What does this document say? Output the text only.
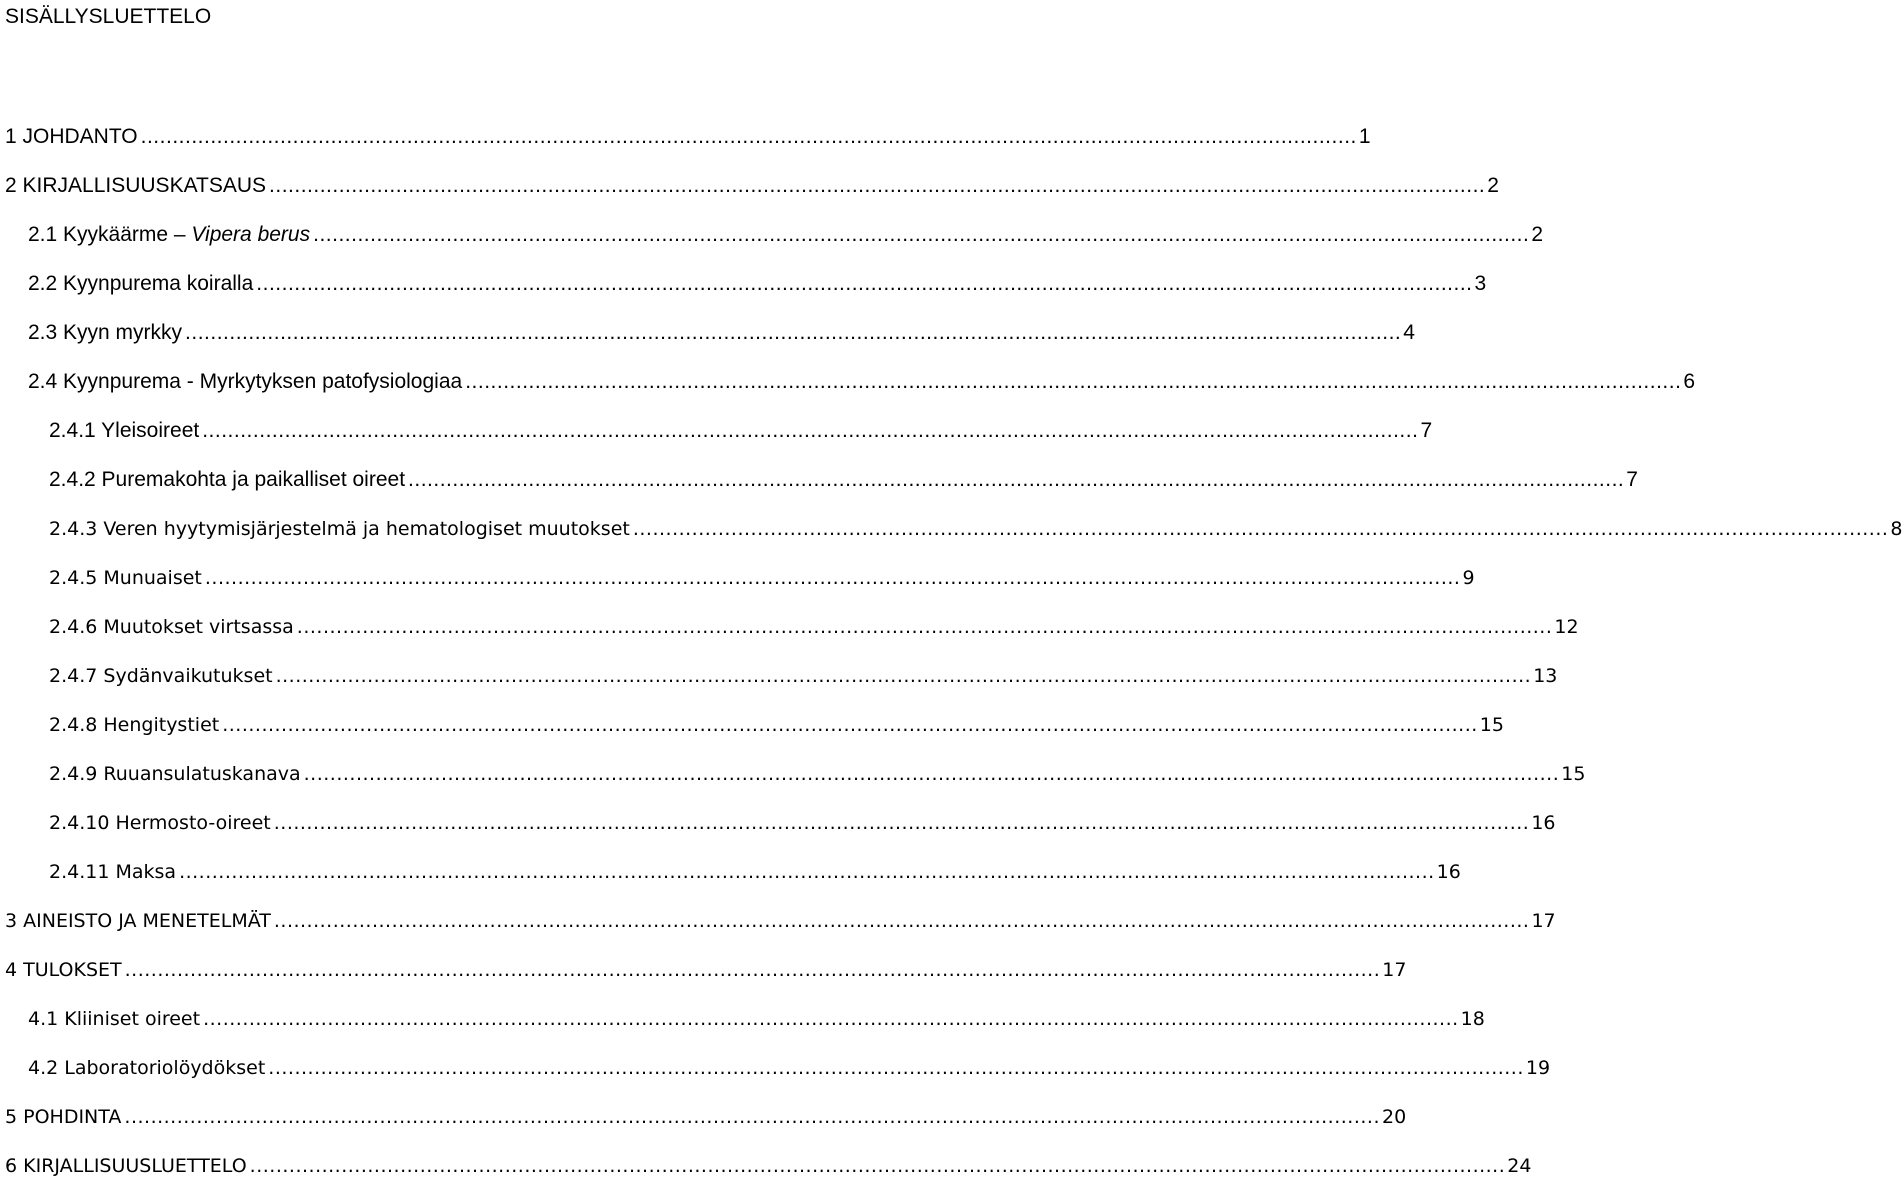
SISÄLLYSLUETTELO
1 JOHDANTO ................................................................................................................................................................................................ 1
2 KIRJALLISUUSKATSAUS ................................................................................................................................................................................................ 2
2.1 Kyykäärme – Vipera berus ................................................................................................................................................................................................ 2
2.2 Kyynpurema koiralla ................................................................................................................................................................................................ 3
2.3 Kyyn myrkky ................................................................................................................................................................................................ 4
2.4 Kyynpurema - Myrkytyksen patofysiologiaa ................................................................................................................................................................................................ 6
2.4.1 Yleisoireet ................................................................................................................................................................................................ 7
2.4.2 Puremakohta ja paikalliset oireet ................................................................................................................................................................................................ 7
2.4.3 Veren hyytymisjärjestelmä ja hematologiset muutokset ................................................................................................................................................................................................ 8
2.4.5 Munuaiset ................................................................................................................................................................................................ 9
2.4.6 Muutokset virtsassa ................................................................................................................................................................................................ 12
2.4.7 Sydänvaikutukset ................................................................................................................................................................................................ 13
2.4.8 Hengitystiet ................................................................................................................................................................................................ 15
2.4.9 Ruuansulatuskanava ................................................................................................................................................................................................ 15
2.4.10 Hermosto-oireet ................................................................................................................................................................................................ 16
2.4.11 Maksa ................................................................................................................................................................................................ 16
3 AINEISTO JA MENETELMÄT ................................................................................................................................................................................................ 17
4 TULOKSET ................................................................................................................................................................................................ 17
4.1 Kliiniset oireet ................................................................................................................................................................................................ 18
4.2 Laboratoriolöydökset ................................................................................................................................................................................................ 19
5 POHDINTA ................................................................................................................................................................................................ 20
6 KIRJALLISUUSLUETTELO ................................................................................................................................................................................................ 24
